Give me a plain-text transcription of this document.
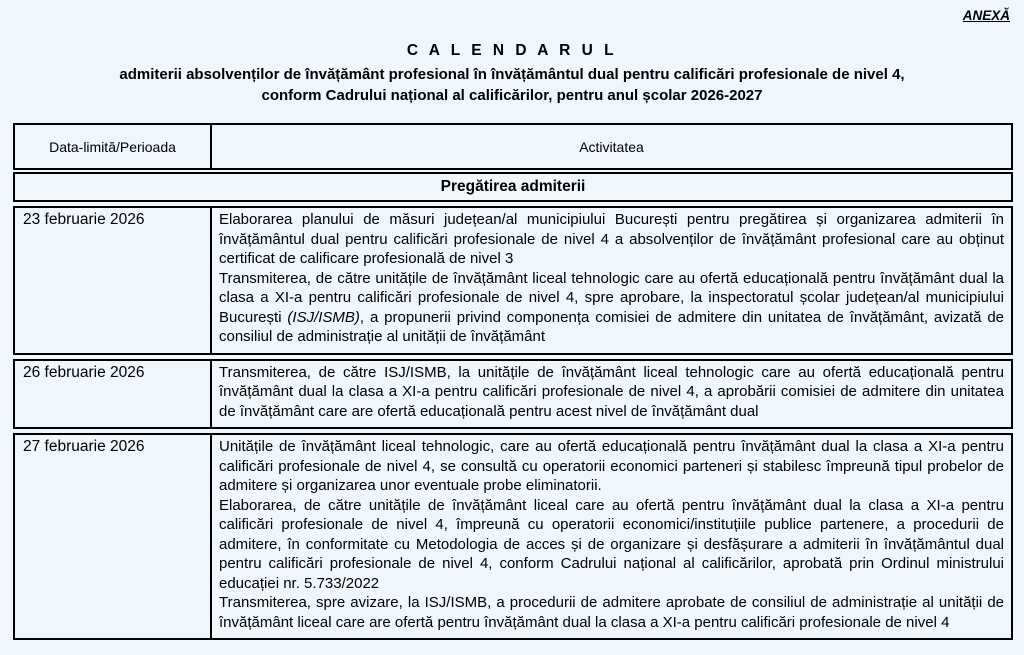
ANEXĂ
C A L E N D A R U L
admiterii absolvenților de învățământ profesional în învățământul dual pentru calificări profesionale de nivel 4,
conform Cadrului național al calificărilor, pentru anul școlar 2026-2027
Data-limită/Perioada	Activitatea
Pregătirea admiterii
23 februarie 2026	Elaborarea planului de măsuri județean/al municipiului București pentru pregătirea și organizarea admiterii în învățământul dual pentru calificări profesionale de nivel 4 a absolvenților de învățământ profesional care au obținut certificat de calificare profesională de nivel 3

Transmiterea, de către unitățile de învățământ liceal tehnologic care au ofertă educațională pentru învățământ dual la clasa a XI-a pentru calificări profesionale de nivel 4, spre aprobare, la inspectoratul școlar județean/al municipiului București (ISJ/ISMB), a propunerii privind componența comisiei de admitere din unitatea de învățământ, avizată de consiliul de administrație al unității de învățământ

26 februarie 2026	Transmiterea, de către ISJ/ISMB, la unitățile de învățământ liceal tehnologic care au ofertă educațională pentru învățământ dual la clasa a XI-a pentru calificări profesionale de nivel 4, a aprobării comisiei de admitere din unitatea de învățământ care are ofertă educațională pentru acest nivel de învățământ dual

27 februarie 2026	Unitățile de învățământ liceal tehnologic, care au ofertă educațională pentru învățământ dual la clasa a XI-a pentru calificări profesionale de nivel 4, se consultă cu operatorii economici parteneri și stabilesc împreună tipul probelor de admitere și organizarea unor eventuale probe eliminatorii.

Elaborarea, de către unitățile de învățământ liceal care au ofertă pentru învățământ dual la clasa a XI-a pentru calificări profesionale de nivel 4, împreună cu operatorii economici/instituțiile publice partenere, a procedurii de admitere, în conformitate cu Metodologia de acces și de organizare și desfășurare a admiterii în învățământul dual pentru calificări profesionale de nivel 4, conform Cadrului național al calificărilor, aprobată prin Ordinul ministrului educației nr. 5.733/2022

Transmiterea, spre avizare, la ISJ/ISMB, a procedurii de admitere aprobate de consiliul de administrație al unității de învățământ liceal care are ofertă pentru învățământ dual la clasa a XI-a pentru calificări profesionale de nivel 4
